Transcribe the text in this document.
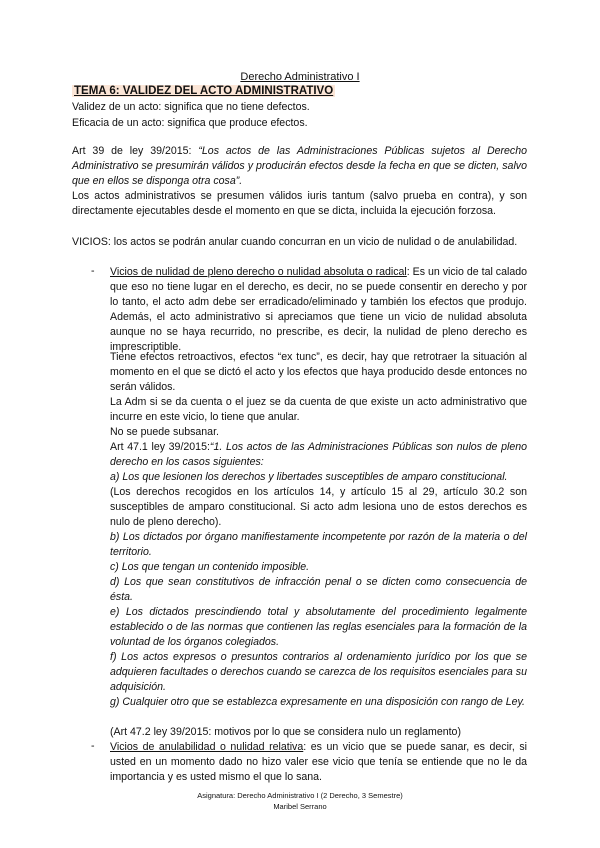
Derecho Administrativo I
TEMA 6: VALIDEZ DEL ACTO ADMINISTRATIVO
Validez de un acto: significa que no tiene defectos.
Eficacia de un acto: significa que produce efectos.
Art 39 de ley 39/2015: “Los actos de las Administraciones Públicas sujetos al Derecho Administrativo se presumirán válidos y producirán efectos desde la fecha en que se dicten, salvo que en ellos se disponga otra cosa”.
Los actos administrativos se presumen válidos iuris tantum (salvo prueba en contra), y son directamente ejecutables desde el momento en que se dicta, incluida la ejecución forzosa.
VICIOS: los actos se podrán anular cuando concurran en un vicio de nulidad o de anulabilidad.
- Vicios de nulidad de pleno derecho o nulidad absoluta o radical: Es un vicio de tal calado que eso no tiene lugar en el derecho, es decir, no se puede consentir en derecho y por lo tanto, el acto adm debe ser erradicado/eliminado y también los efectos que produjo. Además, el acto administrativo si apreciamos que tiene un vicio de nulidad absoluta aunque no se haya recurrido, no prescribe, es decir, la nulidad de pleno derecho es imprescriptible.
Tiene efectos retroactivos, efectos “ex tunc”, es decir, hay que retrotraer la situación al momento en el que se dictó el acto y los efectos que haya producido desde entonces no serán válidos.
La Adm si se da cuenta o el juez se da cuenta de que existe un acto administrativo que incurre en este vicio, lo tiene que anular.
No se puede subsanar.
Art 47.1 ley 39/2015:“1. Los actos de las Administraciones Públicas son nulos de pleno derecho en los casos siguientes:
a) Los que lesionen los derechos y libertades susceptibles de amparo constitucional.
(Los derechos recogidos en los artículos 14, y artículo 15 al 29, artículo 30.2 son susceptibles de amparo constitucional. Si acto adm lesiona uno de estos derechos es nulo de pleno derecho).
b) Los dictados por órgano manifiestamente incompetente por razón de la materia o del territorio.
c) Los que tengan un contenido imposible.
d) Los que sean constitutivos de infracción penal o se dicten como consecuencia de ésta.
e) Los dictados prescindiendo total y absolutamente del procedimiento legalmente establecido o de las normas que contienen las reglas esenciales para la formación de la voluntad de los órganos colegiados.
f) Los actos expresos o presuntos contrarios al ordenamiento jurídico por los que se adquieren facultades o derechos cuando se carezca de los requisitos esenciales para su adquisición.
g) Cualquier otro que se establezca expresamente en una disposición con rango de Ley.
(Art 47.2 ley 39/2015: motivos por lo que se considera nulo un reglamento)
- Vicios de anulabilidad o nulidad relativa: es un vicio que se puede sanar, es decir, si usted en un momento dado no hizo valer ese vicio que tenía se entiende que no le da importancia y es usted mismo el que lo sana.
Asignatura: Derecho Administrativo I (2 Derecho, 3 Semestre)
Maribel Serrano
